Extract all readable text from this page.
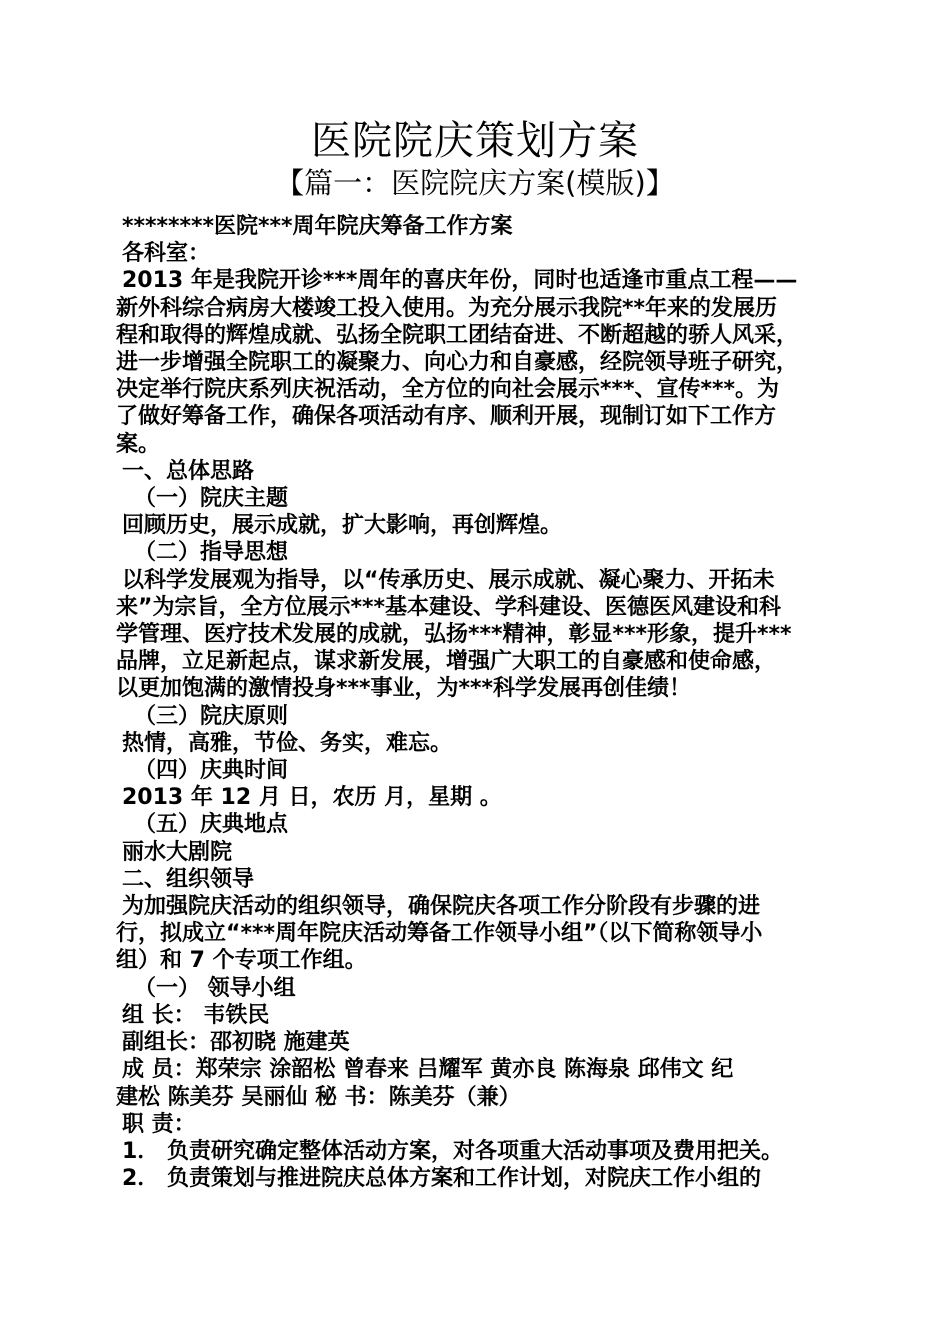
医院院庆策划方案
【篇一：医院院庆方案(模版)】

********医院***周年院庆筹备工作方案

各科室：

2013 年是我院开诊***周年的喜庆年份，同时也适逢市重点工程——

新外科综合病房大楼竣工投入使用。为充分展示我院**年来的发展历

程和取得的辉煌成就、弘扬全院职工团结奋进、不断超越的骄人风采，

进一步增强全院职工的凝聚力、向心力和自豪感，经院领导班子研究，

决定举行院庆系列庆祝活动，全方位的向社会展示***、宣传***。为

了做好筹备工作，确保各项活动有序、顺利开展，现制订如下工作方

案。

一、总体思路

（一）院庆主题

回顾历史，展示成就，扩大影响，再创辉煌。

（二）指导思想

以科学发展观为指导，以“传承历史、展示成就、凝心聚力、开拓未

来”为宗旨，全方位展示***基本建设、学科建设、医德医风建设和科

学管理、医疗技术发展的成就，弘扬***精神，彰显***形象，提升***

品牌，立足新起点，谋求新发展，增强广大职工的自豪感和使命感，

以更加饱满的激情投身***事业，为***科学发展再创佳绩！

（三）院庆原则

热情，高雅，节俭、务实，难忘。

（四）庆典时间

2013 年 12 月 日，农历 月，星期 。

（五）庆典地点

丽水大剧院

二、组织领导

为加强院庆活动的组织领导，确保院庆各项工作分阶段有步骤的进

行，拟成立“***周年院庆活动筹备工作领导小组”（以下简称领导小

组）和 7 个专项工作组。

（一） 领导小组

组 长： 韦铁民

副组长：邵初晓 施建英

成 员：郑荣宗 涂韶松 曾春来 吕耀军 黄亦良 陈海泉 邱伟文 纪

建松 陈美芬 吴丽仙 秘 书：陈美芬（兼）

职 责：

1． 负责研究确定整体活动方案，对各项重大活动事项及费用把关。

2． 负责策划与推进院庆总体方案和工作计划，对院庆工作小组的
